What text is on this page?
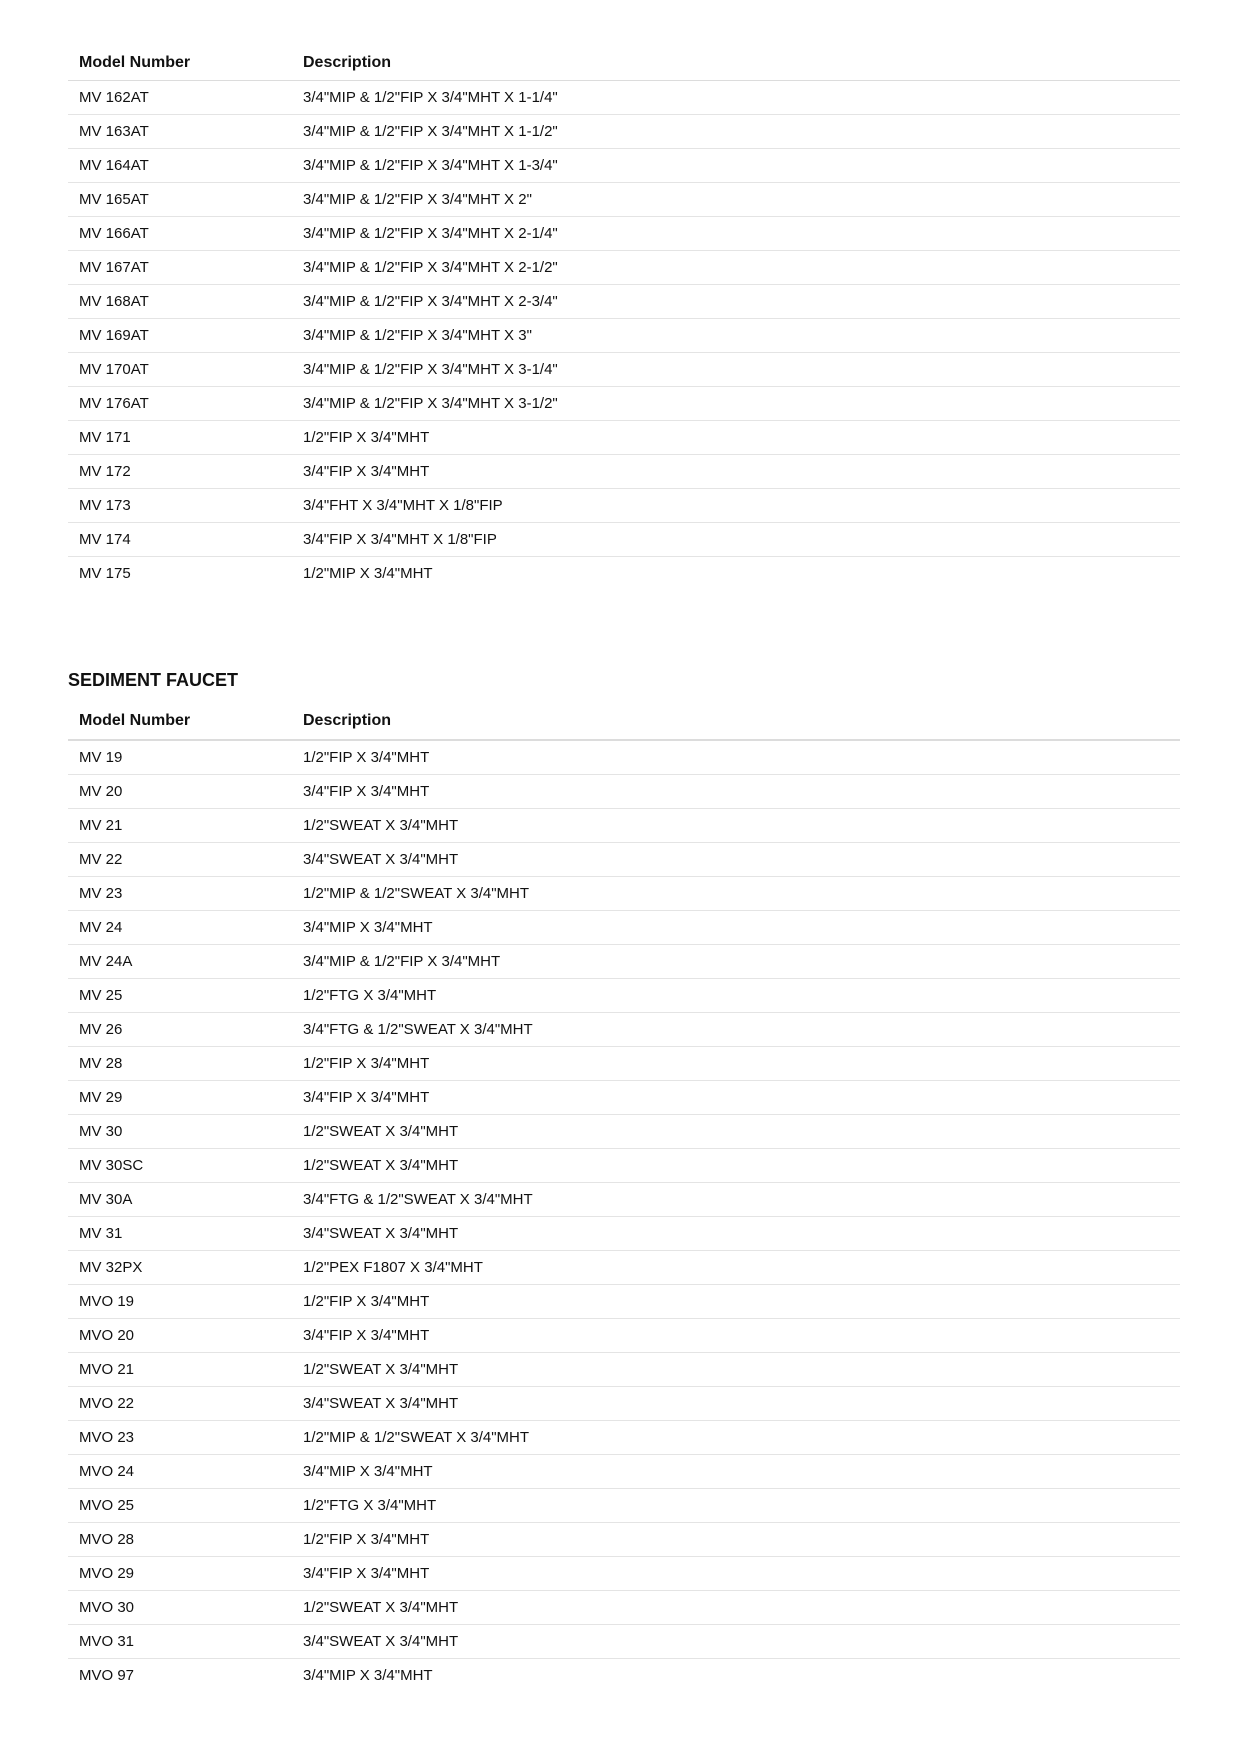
Model Number	Description
MV 162AT	3/4"MIP & 1/2"FIP X 3/4"MHT X 1-1/4"
MV 163AT	3/4"MIP & 1/2"FIP X 3/4"MHT X 1-1/2"
MV 164AT	3/4"MIP & 1/2"FIP X 3/4"MHT X 1-3/4"
MV 165AT	3/4"MIP & 1/2"FIP X 3/4"MHT X 2"
MV 166AT	3/4"MIP & 1/2"FIP X 3/4"MHT X 2-1/4"
MV 167AT	3/4"MIP & 1/2"FIP X 3/4"MHT X 2-1/2"
MV 168AT	3/4"MIP & 1/2"FIP X 3/4"MHT X 2-3/4"
MV 169AT	3/4"MIP & 1/2"FIP X 3/4"MHT X 3"
MV 170AT	3/4"MIP & 1/2"FIP X 3/4"MHT X 3-1/4"
MV 176AT	3/4"MIP & 1/2"FIP X 3/4"MHT X 3-1/2"
MV 171	1/2"FIP X 3/4"MHT
MV 172	3/4"FIP X 3/4"MHT
MV 173	3/4"FHT X 3/4"MHT X 1/8"FIP
MV 174	3/4"FIP X 3/4"MHT X 1/8"FIP
MV 175	1/2"MIP X 3/4"MHT
SEDIMENT FAUCET
Model Number	Description
MV 19	1/2"FIP X 3/4"MHT
MV 20	3/4"FIP X 3/4"MHT
MV 21	1/2"SWEAT X 3/4"MHT
MV 22	3/4"SWEAT X 3/4"MHT
MV 23	1/2"MIP & 1/2"SWEAT X 3/4"MHT
MV 24	3/4"MIP X 3/4"MHT
MV 24A	3/4"MIP & 1/2"FIP X 3/4"MHT
MV 25	1/2"FTG X 3/4"MHT
MV 26	3/4"FTG & 1/2"SWEAT X 3/4"MHT
MV 28	1/2"FIP X 3/4"MHT
MV 29	3/4"FIP X 3/4"MHT
MV 30	1/2"SWEAT X 3/4"MHT
MV 30SC	1/2"SWEAT X 3/4"MHT
MV 30A	3/4"FTG & 1/2"SWEAT X 3/4"MHT
MV 31	3/4"SWEAT X 3/4"MHT
MV 32PX	1/2"PEX F1807 X 3/4"MHT
MVO 19	1/2"FIP X 3/4"MHT
MVO 20	3/4"FIP X 3/4"MHT
MVO 21	1/2"SWEAT X 3/4"MHT
MVO 22	3/4"SWEAT X 3/4"MHT
MVO 23	1/2"MIP & 1/2"SWEAT X 3/4"MHT
MVO 24	3/4"MIP X 3/4"MHT
MVO 25	1/2"FTG X 3/4"MHT
MVO 28	1/2"FIP X 3/4"MHT
MVO 29	3/4"FIP X 3/4"MHT
MVO 30	1/2"SWEAT X 3/4"MHT
MVO 31	3/4"SWEAT X 3/4"MHT
MVO 97	3/4"MIP X 3/4"MHT
